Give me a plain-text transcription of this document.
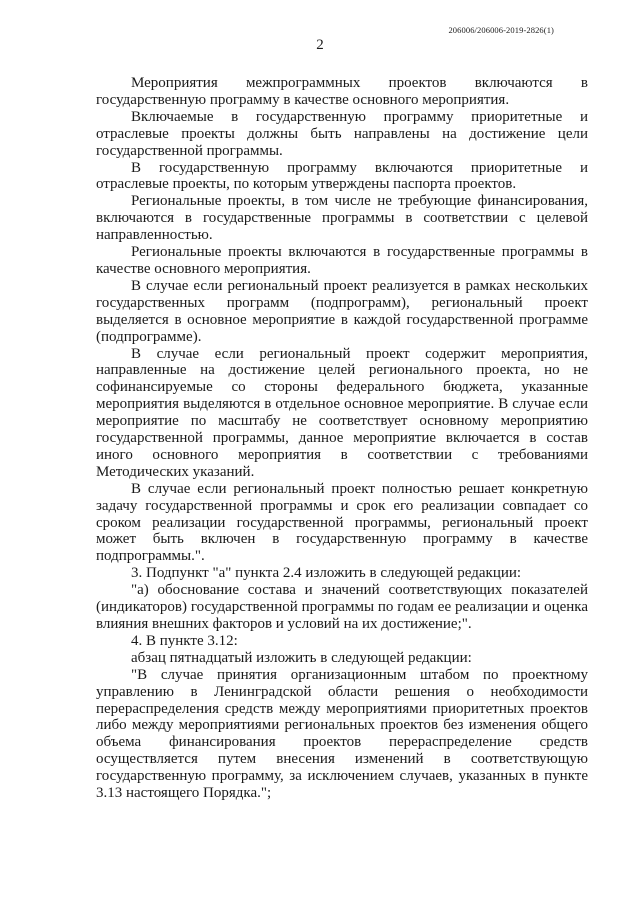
206006/206006-2019-2826(1)
2

Мероприятия межпрограммных проектов включаются в государственную программу в качестве основного мероприятия.

Включаемые в государственную программу приоритетные и отраслевые проекты должны быть направлены на достижение цели государственной программы.

В государственную программу включаются приоритетные и отраслевые проекты, по которым утверждены паспорта проектов.

Региональные проекты, в том числе не требующие финансирования, включаются в государственные программы в соответствии с целевой направленностью.

Региональные проекты включаются в государственные программы в качестве основного мероприятия.

В случае если региональный проект реализуется в рамках нескольких государственных программ (подпрограмм), региональный проект выделяется в основное мероприятие в каждой государственной программе (подпрограмме).

В случае если региональный проект содержит мероприятия, направленные на достижение целей регионального проекта, но не софинансируемые со стороны федерального бюджета, указанные мероприятия выделяются в отдельное основное мероприятие. В случае если мероприятие по масштабу не соответствует основному мероприятию государственной программы, данное мероприятие включается в состав иного основного мероприятия в соответствии с требованиями Методических указаний.

В случае если региональный проект полностью решает конкретную задачу государственной программы и срок его реализации совпадает со сроком реализации государственной программы, региональный проект может быть включен в государственную программу в качестве подпрограммы.".

3. Подпункт "а" пункта 2.4 изложить в следующей редакции:

"а) обоснование состава и значений соответствующих показателей (индикаторов) государственной программы по годам ее реализации и оценка влияния внешних факторов и условий на их достижение;".

4. В пункте 3.12:

абзац пятнадцатый изложить в следующей редакции:

"В случае принятия организационным штабом по проектному управлению в Ленинградской области решения о необходимости перераспределения средств между мероприятиями приоритетных проектов либо между мероприятиями региональных проектов без изменения общего объема финансирования проектов перераспределение средств осуществляется путем внесения изменений в соответствующую государственную программу, за исключением случаев, указанных в пункте 3.13 настоящего Порядка.";
